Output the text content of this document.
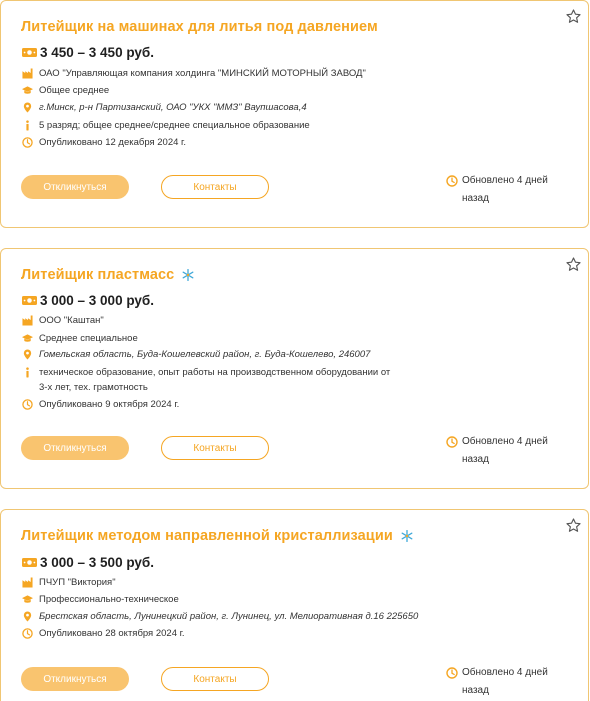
Литейщик на машинах для литья под давлением
3 450 – 3 450 руб.
ОАО "Управляющая компания холдинга "МИНСКИЙ МОТОРНЫЙ ЗАВОД"
Общее среднее
г.Минск, р-н Партизанский, ОАО "УКХ "ММЗ" Ваупшасова,4
5 разряд; общее среднее/среднее специальное образование
Опубликовано 12 декабря 2024 г.
Откликнуться	Контакты
Обновлено 4 дней назад
Литейщик пластмасс
3 000 – 3 000 руб.
ООО "Каштан"
Среднее специальное
Гомельская область, Буда-Кошелевский район, г. Буда-Кошелево, 246007
техническое образование, опыт работы на производственном оборудовании от 3-х лет, тех. грамотность
Опубликовано 9 октября 2024 г.
Откликнуться	Контакты
Обновлено 4 дней назад
Литейщик методом направленной кристаллизации
3 000 – 3 500 руб.
ПЧУП "Виктория"
Профессионально-техническое
Брестская область, Лунинецкий район, г. Лунинец, ул. Мелиоративная д.16 225650
Опубликовано 28 октября 2024 г.
Откликнуться	Контакты
Обновлено 4 дней назад
